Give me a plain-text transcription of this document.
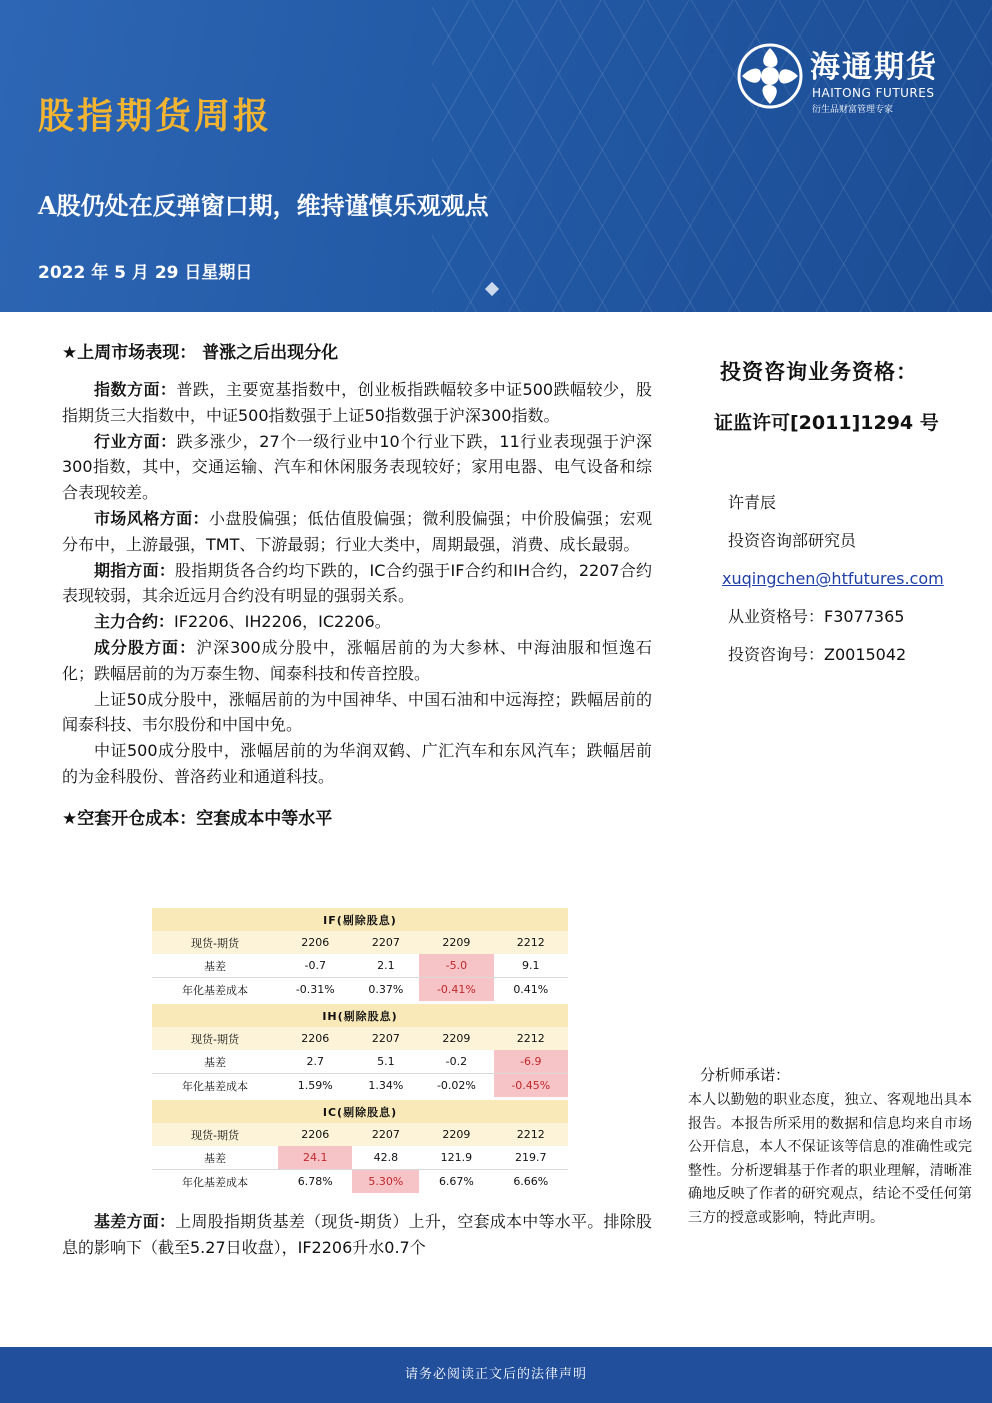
股指期货周报
A股仍处在反弹窗口期，维持谨慎乐观观点
2022 年 5 月 29 日星期日
海通期货
HAITONG FUTURES
衍生品财富管理专家

★上周市场表现： 普涨之后出现分化

指数方面：普跌，主要宽基指数中，创业板指跌幅较多中证500跌幅较少，股指期货三大指数中，中证500指数强于上证50指数强于沪深300指数。

行业方面：跌多涨少，27个一级行业中10个行业下跌，11行业表现强于沪深300指数，其中，交通运输、汽车和休闲服务表现较好；家用电器、电气设备和综合表现较差。

市场风格方面：小盘股偏强；低估值股偏强；微利股偏强；中价股偏强；宏观分布中，上游最强，TMT、下游最弱；行业大类中，周期最强，消费、成长最弱。

期指方面：股指期货各合约均下跌的，IC合约强于IF合约和IH合约，2207合约表现较弱，其余近远月合约没有明显的强弱关系。

主力合约：IF2206、IH2206，IC2206。

成分股方面：沪深300成分股中，涨幅居前的为大参林、中海油服和恒逸石化；跌幅居前的为万泰生物、闻泰科技和传音控股。

上证50成分股中，涨幅居前的为中国神华、中国石油和中远海控；跌幅居前的闻泰科技、韦尔股份和中国中免。

中证500成分股中，涨幅居前的为华润双鹤、广汇汽车和东风汽车；跌幅居前的为金科股份、普洛药业和通道科技。

★空套开仓成本：空套成本中等水平

IF(剔除股息)				
现货-期货	2206	2207	2209	2212
基差	-0.7	2.1	-5.0	9.1
年化基差成本	-0.31%	0.37%	-0.41%	0.41%

IH(剔除股息)				
现货-期货	2206	2207	2209	2212
基差	2.7	5.1	-0.2	-6.9
年化基差成本	1.59%	1.34%	-0.02%	-0.45%

IC(剔除股息)				
现货-期货	2206	2207	2209	2212
基差	24.1	42.8	121.9	219.7
年化基差成本	6.78%	5.30%	6.67%	6.66%

基差方面：上周股指期货基差（现货-期货）上升，空套成本中等水平。排除股息的影响下（截至5.27日收盘），IF2206升水0.7个

投资咨询业务资格：
证监许可[2011]1294 号
许青辰
投资咨询部研究员
xuqingchen@htfutures.com
从业资格号：F3077365
投资咨询号：Z0015042
分析师承诺：
本人以勤勉的职业态度，独立、客观地出具本报告。本报告所采用的数据和信息均来自市场公开信息，本人不保证该等信息的准确性或完整性。分析逻辑基于作者的职业理解，清晰准确地反映了作者的研究观点，结论不受任何第三方的授意或影响，特此声明。
请务必阅读正文后的法律声明
